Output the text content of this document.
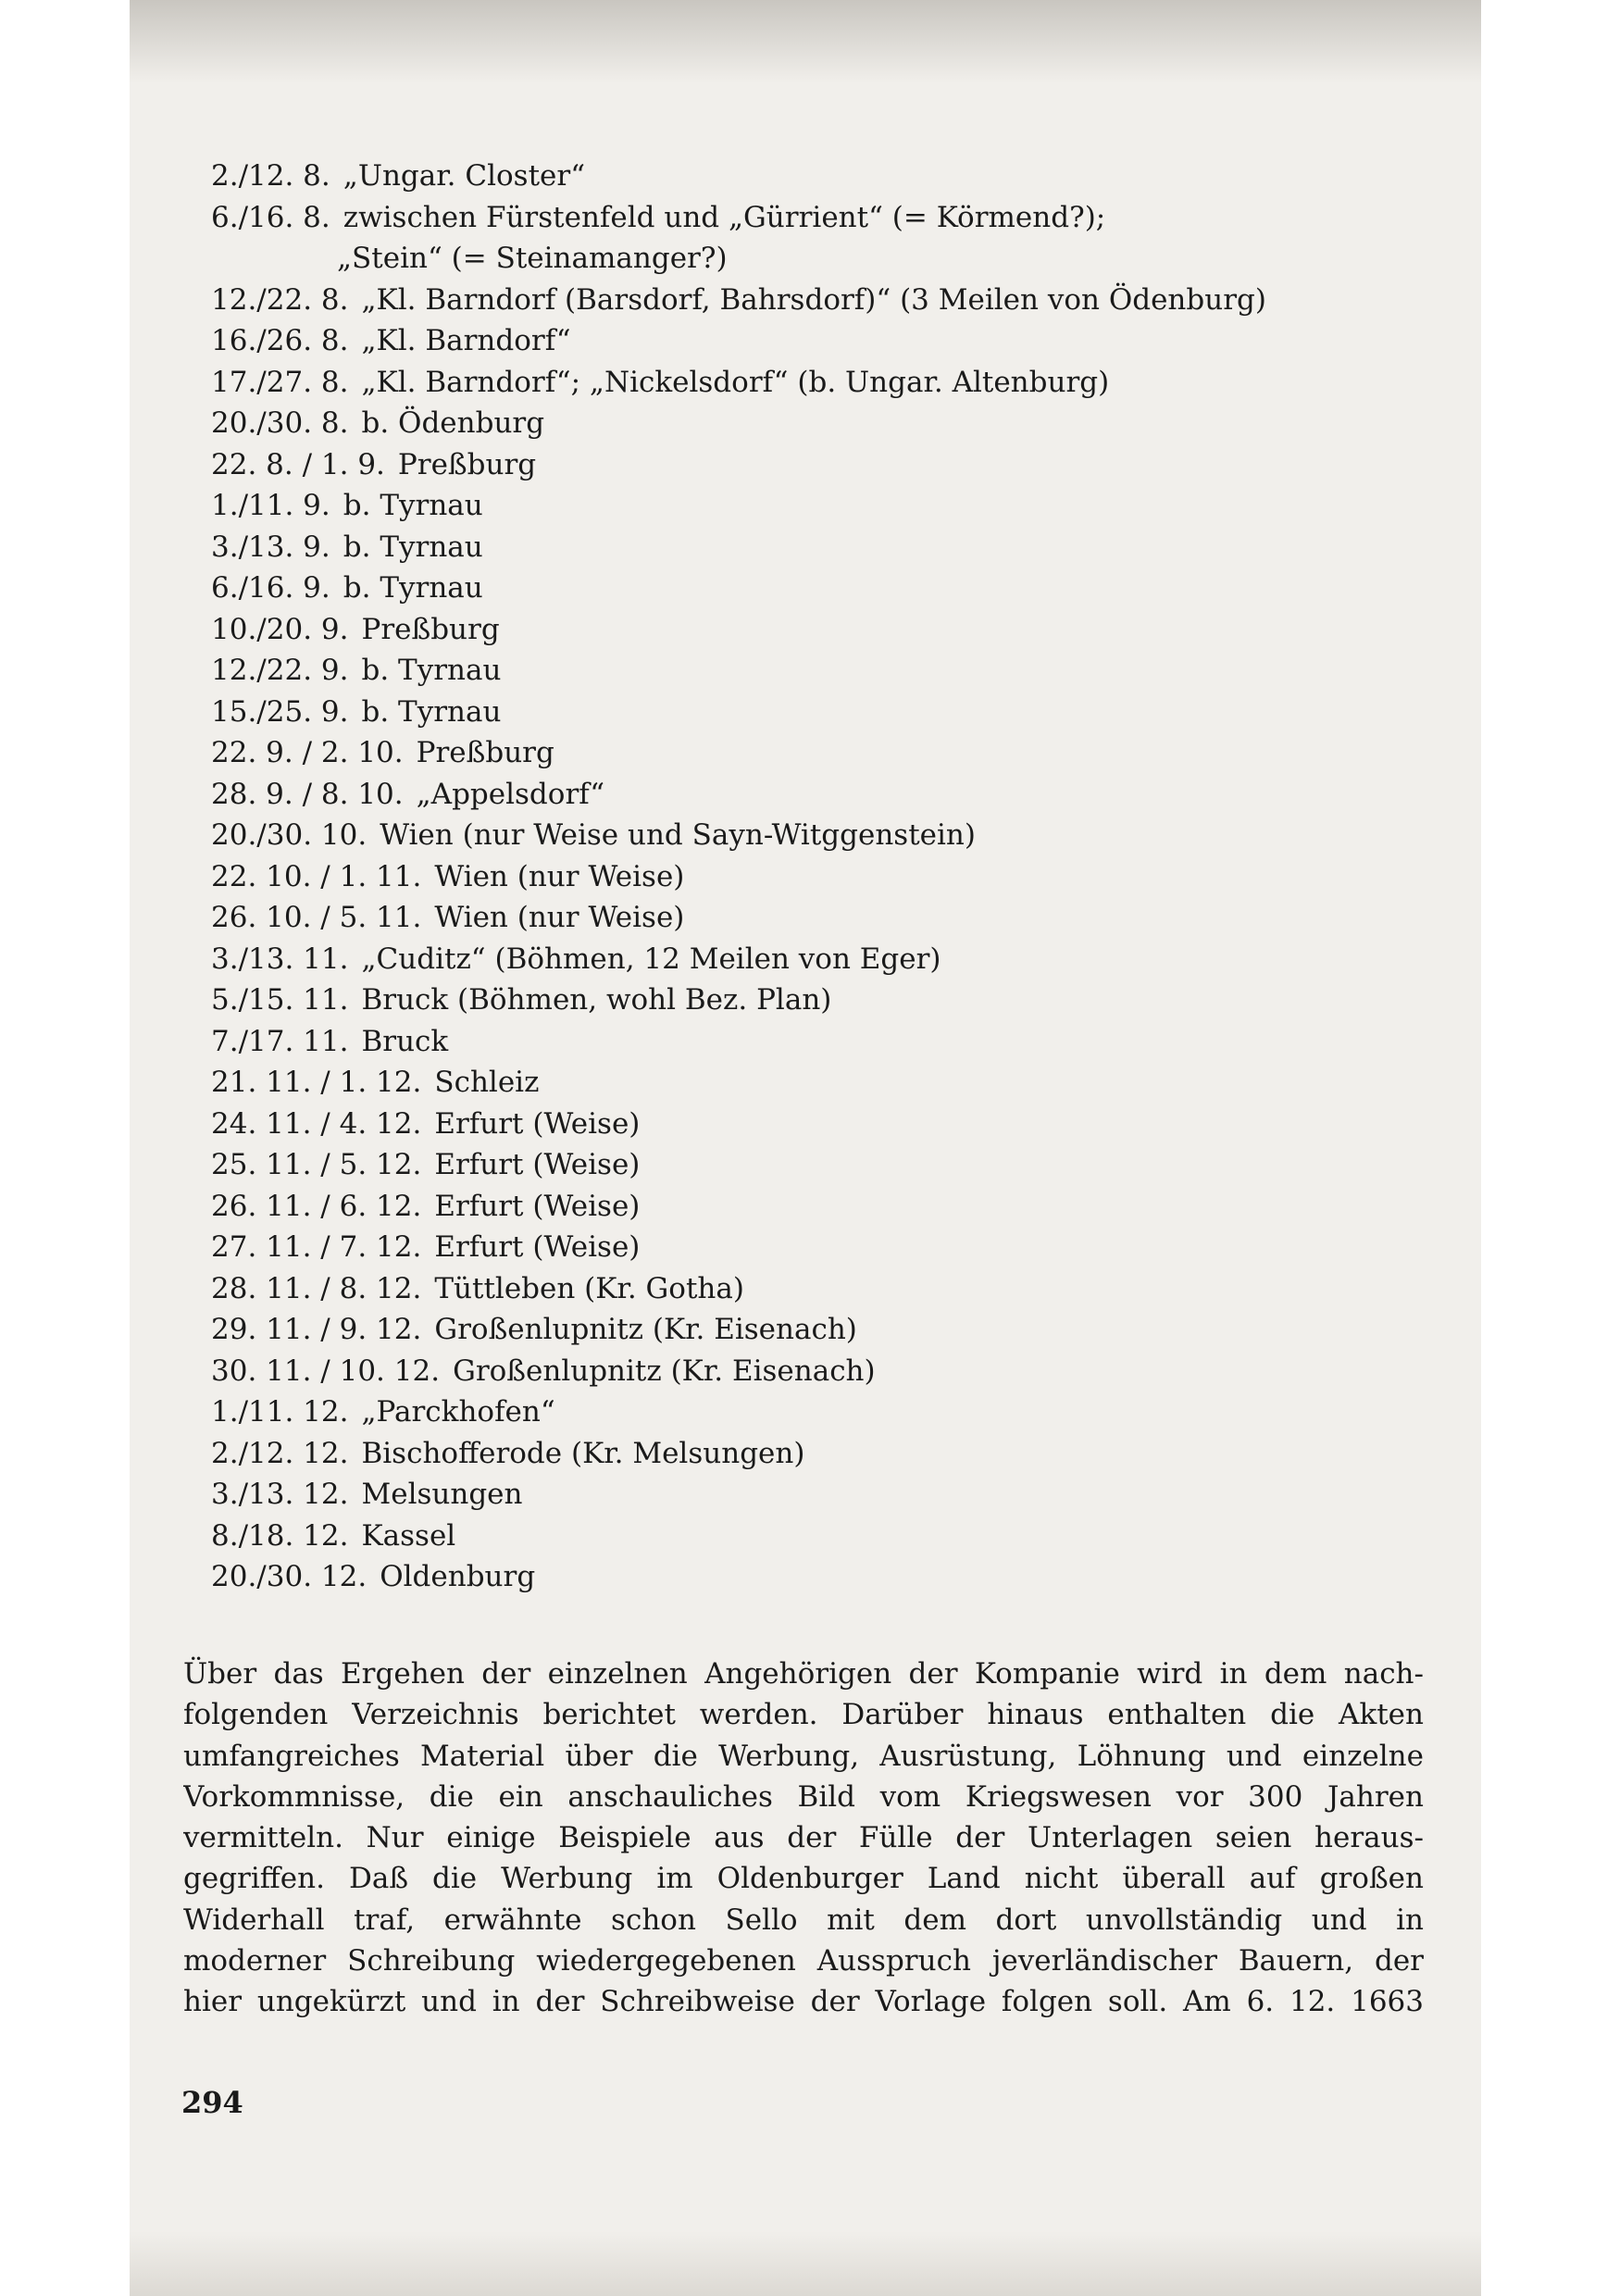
2./12. 8. „Ungar. Closter“
6./16. 8. zwischen Fürstenfeld und „Gürrient“ (= Körmend?);
„Stein“ (= Steinamanger?)
12./22. 8. „Kl. Barndorf (Barsdorf, Bahrsdorf)“ (3 Meilen von Ödenburg)
16./26. 8. „Kl. Barndorf“
17./27. 8. „Kl. Barndorf“; „Nickelsdorf“ (b. Ungar. Altenburg)
20./30. 8. b. Ödenburg
22. 8. / 1. 9. Preßburg
1./11. 9. b. Tyrnau
3./13. 9. b. Tyrnau
6./16. 9. b. Tyrnau
10./20. 9. Preßburg
12./22. 9. b. Tyrnau
15./25. 9. b. Tyrnau
22. 9. / 2. 10. Preßburg
28. 9. / 8. 10. „Appelsdorf“
20./30. 10. Wien (nur Weise und Sayn-Witggenstein)
22. 10. / 1. 11. Wien (nur Weise)
26. 10. / 5. 11. Wien (nur Weise)
3./13. 11. „Cuditz“ (Böhmen, 12 Meilen von Eger)
5./15. 11. Bruck (Böhmen, wohl Bez. Plan)
7./17. 11. Bruck
21. 11. / 1. 12. Schleiz
24. 11. / 4. 12. Erfurt (Weise)
25. 11. / 5. 12. Erfurt (Weise)
26. 11. / 6. 12. Erfurt (Weise)
27. 11. / 7. 12. Erfurt (Weise)
28. 11. / 8. 12. Tüttleben (Kr. Gotha)
29. 11. / 9. 12. Großenlupnitz (Kr. Eisenach)
30. 11. / 10. 12. Großenlupnitz (Kr. Eisenach)
1./11. 12. „Parckhofen“
2./12. 12. Bischofferode (Kr. Melsungen)
3./13. 12. Melsungen
8./18. 12. Kassel
20./30. 12. Oldenburg
Über das Ergehen der einzelnen Angehörigen der Kompanie wird in dem nach-
folgenden Verzeichnis berichtet werden. Darüber hinaus enthalten die Akten
umfangreiches Material über die Werbung, Ausrüstung, Löhnung und einzelne
Vorkommnisse, die ein anschauliches Bild vom Kriegswesen vor 300 Jahren
vermitteln. Nur einige Beispiele aus der Fülle der Unterlagen seien heraus-
gegriffen. Daß die Werbung im Oldenburger Land nicht überall auf großen
Widerhall traf, erwähnte schon Sello mit dem dort unvollständig und in
moderner Schreibung wiedergegebenen Ausspruch jeverländischer Bauern, der
hier ungekürzt und in der Schreibweise der Vorlage folgen soll. Am 6. 12. 1663
294
